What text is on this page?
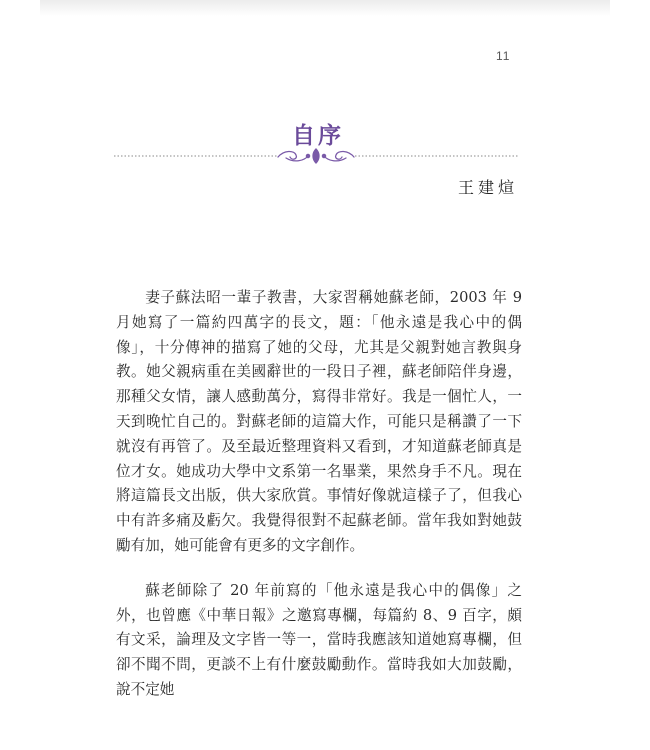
11
自序
王建煊

妻子蘇法昭一輩子教書，大家習稱她蘇老師，2003 年 9 月她寫了一篇約四萬字的長文，題：「他永遠是我心中的偶像」，十分傳神的描寫了她的父母，尤其是父親對她言教與身教。她父親病重在美國辭世的一段日子裡，蘇老師陪伴身邊，那種父女情，讓人感動萬分，寫得非常好。我是一個忙人，一天到晚忙自己的。對蘇老師的這篇大作，可能只是稱讚了一下就沒有再管了。及至最近整理資料又看到，才知道蘇老師真是位才女。她成功大學中文系第一名畢業，果然身手不凡。現在將這篇長文出版，供大家欣賞。事情好像就這樣子了，但我心中有許多痛及虧欠。我覺得很對不起蘇老師。當年我如對她鼓勵有加，她可能會有更多的文字創作。

蘇老師除了 20 年前寫的「他永遠是我心中的偶像」之外，也曾應《中華日報》之邀寫專欄，每篇約 8、9 百字，頗有文采，論理及文字皆一等一，當時我應該知道她寫專欄，但卻不聞不問，更談不上有什麼鼓勵動作。當時我如大加鼓勵，說不定她
